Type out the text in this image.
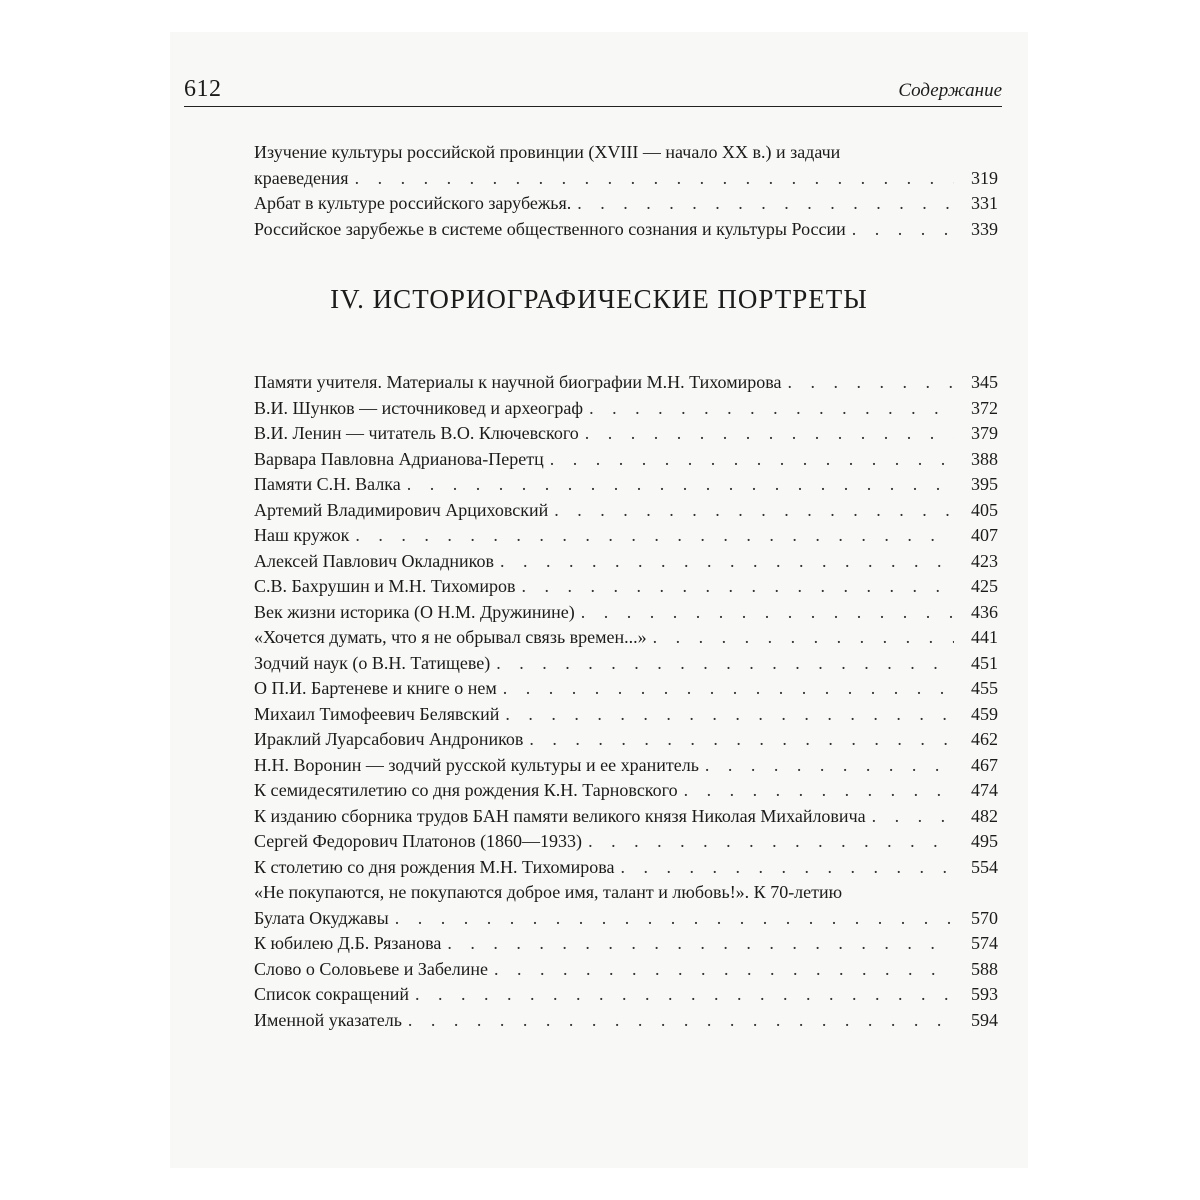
612	Содержание
Изучение культуры российской провинции (XVIII — начало XX в.) и задачи
краеведения . . .	319
Арбат в культуре российского зарубежья. . . .	331
Российское зарубежье в системе общественного сознания и культуры России . . .	339
IV. ИСТОРИОГРАФИЧЕСКИЕ ПОРТРЕТЫ
Памяти учителя. Материалы к научной биографии М.Н. Тихомирова . . .	345
В.И. Шунков — источниковед и археограф . . .	372
В.И. Ленин — читатель В.О. Ключевского . . .	379
Варвара Павловна Адрианова-Перетц . . .	388
Памяти С.Н. Валка . . .	395
Артемий Владимирович Арциховский . . .	405
Наш кружок . . .	407
Алексей Павлович Окладников . . .	423
С.В. Бахрушин и М.Н. Тихомиров . . .	425
Век жизни историка (О Н.М. Дружинине) . . .	436
«Хочется думать, что я не обрывал связь времен...» . . .	441
Зодчий наук (о В.Н. Татищеве) . . .	451
О П.И. Бартеневе и книге о нем . . .	455
Михаил Тимофеевич Белявский . . .	459
Ираклий Луарсабович Андроников . . .	462
Н.Н. Воронин — зодчий русской культуры и ее хранитель . . .	467
К семидесятилетию со дня рождения К.Н. Тарновского . . .	474
К изданию сборника трудов БАН памяти великого князя Николая Михайловича . . .	482
Сергей Федорович Платонов (1860—1933) . . .	495
К столетию со дня рождения М.Н. Тихомирова . . .	554
«Не покупаются, не покупаются доброе имя, талант и любовь!». К 70-летию
Булата Окуджавы . . .	570
К юбилею Д.Б. Рязанова . . .	574
Слово о Соловьеве и Забелине . . .	588
Список сокращений . . .	593
Именной указатель . . .	594
